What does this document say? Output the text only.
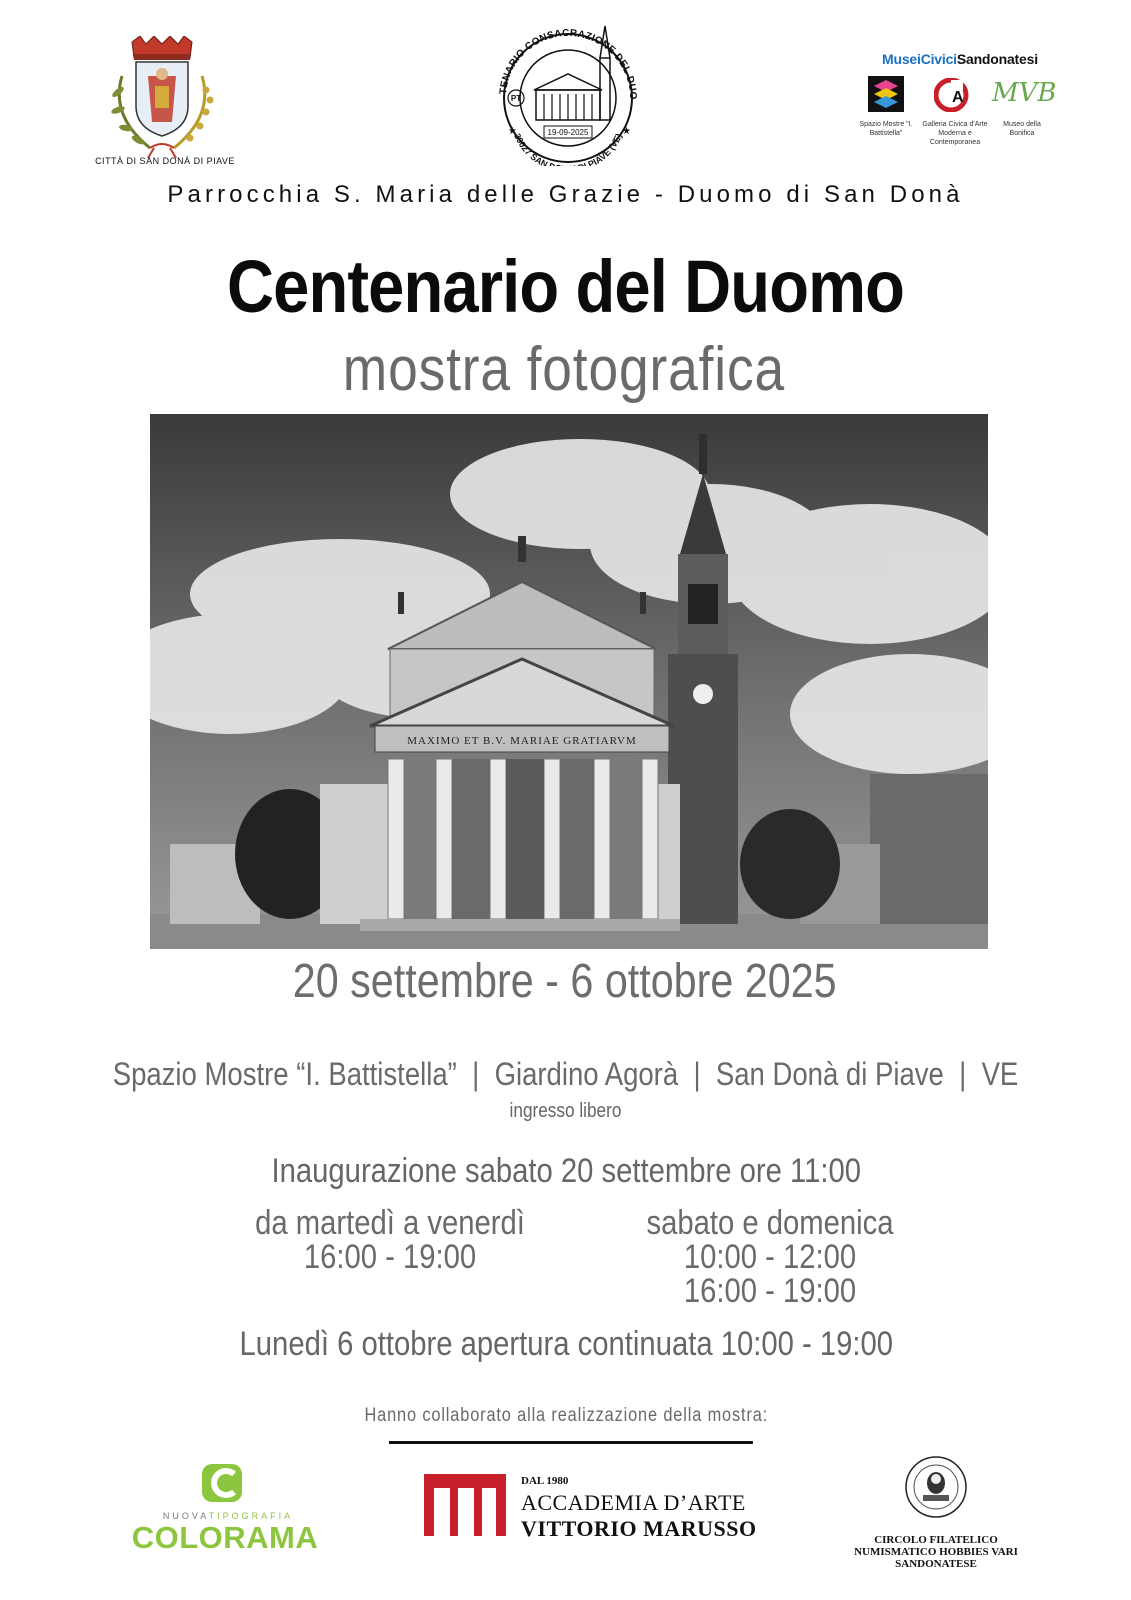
CITTÀ DI SAN DONÀ DI PIAVE
TENARIO CONSACRAZIONE DEL DUO
30027 SAN PIAVE (VE)
PT
19-09-2025
★	★
MuseiCiviciSandonatesi
A MVB
Spazio Mostre "I. Battistella"
Galleria Civica d'Arte Moderna e Contemporanea
Museo della Bonifica
Parrocchia S. Maria delle Grazie - Duomo di San Donà
Centenario del Duomo
mostra fotografica
MAXIMO ET B.V. MARIAE GRATIARVM
20 settembre - 6 ottobre 2025
Spazio Mostre “I. Battistella”  |  Giardino Agorà  |  San Donà di Piave  |  VE
ingresso libero
Inaugurazione sabato 20 settembre ore 11:00
da martedì a venerdì
16:00 - 19:00
sabato e domenica
10:00 - 12:00
16:00 - 19:00
Lunedì 6 ottobre apertura continuata 10:00 - 19:00
Hanno collaborato alla realizzazione della mostra:
NUOVATIPOGRAFIA
COLORAMA
DAL 1980
ACCADEMIA D’ARTE
VITTORIO MARUSSO	CIRCOLO FILATELICO
NUMISMATICO HOBBIES VARI
SANDONATESE
